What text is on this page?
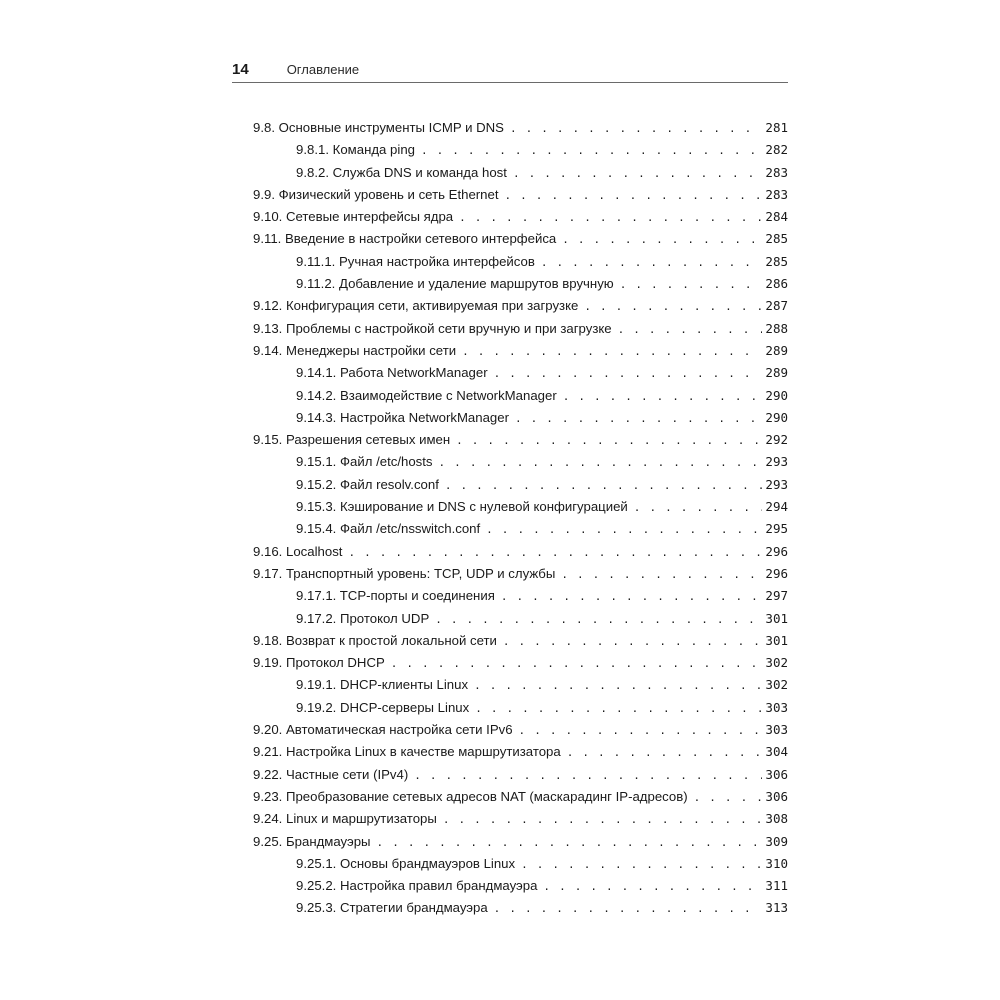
14	Оглавление
9.8. Основные инструменты ICMP и DNS . . .	281
9.8.1. Команда ping . . .	282
9.8.2. Служба DNS и команда host . . .	283
9.9. Физический уровень и сеть Ethernet . . .	283
9.10. Сетевые интерфейсы ядра . . .	284
9.11. Введение в настройки сетевого интерфейса . . .	285
9.11.1. Ручная настройка интерфейсов . . .	285
9.11.2. Добавление и удаление маршрутов вручную . . .	286
9.12. Конфигурация сети, активируемая при загрузке . . .	287
9.13. Проблемы с настройкой сети вручную и при загрузке . . .	288
9.14. Менеджеры настройки сети . . .	289
9.14.1. Работа NetworkManager . . .	289
9.14.2. Взаимодействие с NetworkManager . . .	290
9.14.3. Настройка NetworkManager . . .	290
9.15. Разрешения сетевых имен . . .	292
9.15.1. Файл /etc/hosts . . .	293
9.15.2. Файл resolv.conf . . .	293
9.15.3. Кэширование и DNS с нулевой конфигурацией . . .	294
9.15.4. Файл /etc/nsswitch.conf . . .	295
9.16. Localhost . . .	296
9.17. Транспортный уровень: TCP, UDP и службы . . .	296
9.17.1. TCP-порты и соединения . . .	297
9.17.2. Протокол UDP . . .	301
9.18. Возврат к простой локальной сети . . .	301
9.19. Протокол DHCP . . .	302
9.19.1. DHCP-клиенты Linux . . .	302
9.19.2. DHCP-серверы Linux . . .	303
9.20. Автоматическая настройка сети IPv6 . . .	303
9.21. Настройка Linux в качестве маршрутизатора . . .	304
9.22. Частные сети (IPv4) . . .	306
9.23. Преобразование сетевых адресов NAT (маскарадинг IP-адресов) . . .	306
9.24. Linux и маршрутизаторы . . .	308
9.25. Брандмауэры . . .	309
9.25.1. Основы брандмауэров Linux . . .	310
9.25.2. Настройка правил брандмауэра . . .	311
9.25.3. Стратегии брандмауэра . . .	313
